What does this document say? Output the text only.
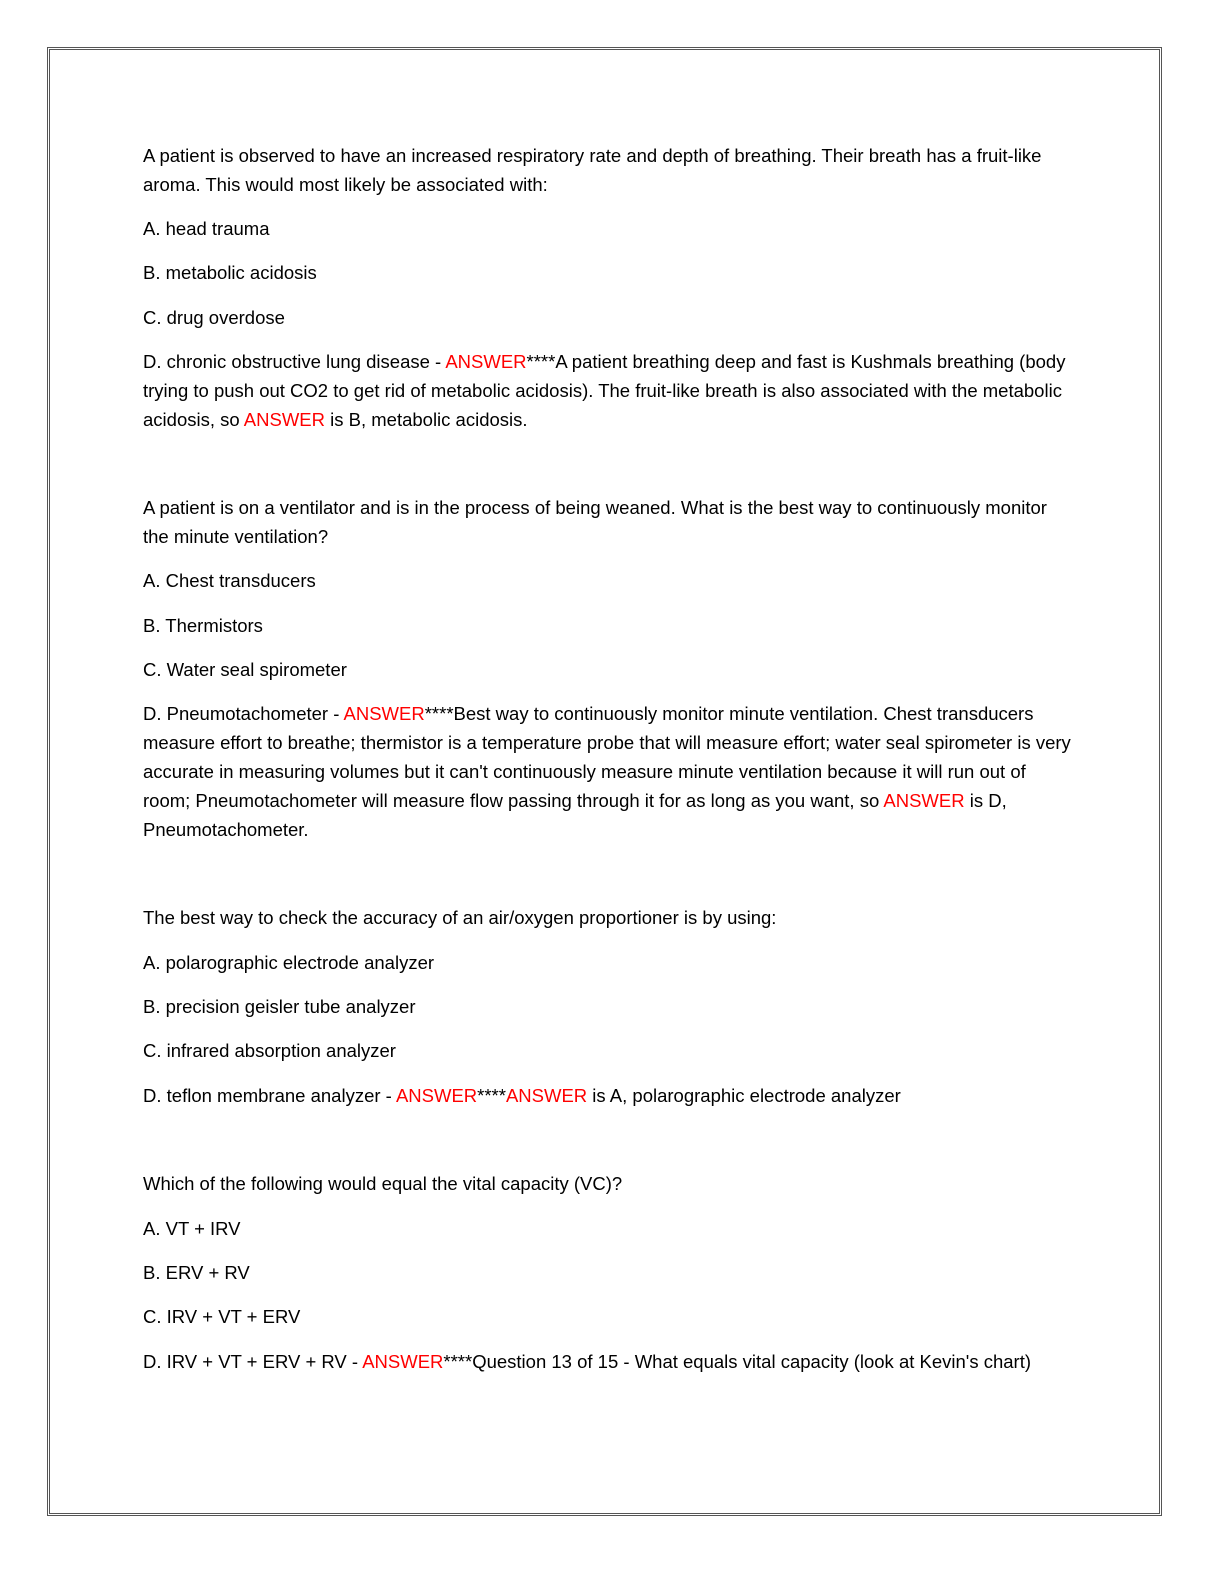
A patient is observed to have an increased respiratory rate and depth of breathing. Their breath has a fruit-like aroma. This would most likely be associated with:

A. head trauma

B. metabolic acidosis

C. drug overdose

D. chronic obstructive lung disease - ANSWER****A patient breathing deep and fast is Kushmals breathing (body trying to push out CO2 to get rid of metabolic acidosis). The fruit-like breath is also associated with the metabolic acidosis, so ANSWER is B, metabolic acidosis.

A patient is on a ventilator and is in the process of being weaned. What is the best way to continuously monitor the minute ventilation?

A. Chest transducers

B. Thermistors

C. Water seal spirometer

D. Pneumotachometer - ANSWER****Best way to continuously monitor minute ventilation. Chest transducers measure effort to breathe; thermistor is a temperature probe that will measure effort; water seal spirometer is very accurate in measuring volumes but it can't continuously measure minute ventilation because it will run out of room; Pneumotachometer will measure flow passing through it for as long as you want, so ANSWER is D, Pneumotachometer.

The best way to check the accuracy of an air/oxygen proportioner is by using:

A. polarographic electrode analyzer

B. precision geisler tube analyzer

C. infrared absorption analyzer

D. teflon membrane analyzer - ANSWER****ANSWER is A, polarographic electrode analyzer

Which of the following would equal the vital capacity (VC)?

A. VT + IRV

B. ERV + RV

C. IRV + VT + ERV

D. IRV + VT + ERV + RV - ANSWER****Question 13 of 15 - What equals vital capacity (look at Kevin's chart)
